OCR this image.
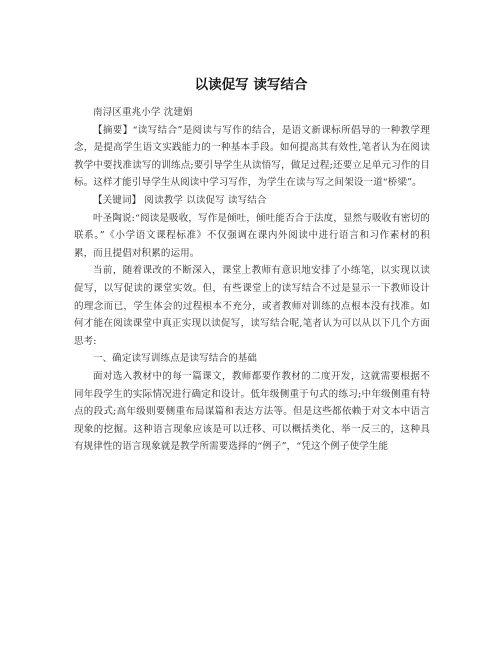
以读促写 读写结合

南浔区重兆小学 沈建娟

【摘要】“读写结合”是阅读与写作的结合，是语文新课标所倡导的一种教学理念，是提高学生语文实践能力的一种基本手段。如何提高其有效性,笔者认为在阅读教学中要找准读写的训练点;要引导学生从读悟写，做足过程;还要立足单元习作的目标。这样才能引导学生从阅读中学习写作，为学生在读与写之间架设一道“桥梁”。

【关键词】 阅读教学 以读促写 读写结合

叶圣陶说:“阅读是吸收，写作是倾吐，倾吐能否合于法度，显然与吸收有密切的联系。”《小学语文课程标准》不仅强调在课内外阅读中进行语言和习作素材的积累，而且提倡对积累的运用。

当前，随着课改的不断深入，课堂上教师有意识地安排了小练笔，以实现以读促写，以写促读的课堂实效。但，有些课堂上的读写结合不过是显示一下教师设计的理念而已，学生体会的过程根本不充分，或者教师对训练的点根本没有找准。如何才能在阅读课堂中真正实现以读促写，读写结合呢,笔者认为可以从以下几个方面思考:

一、确定读写训练点是读写结合的基础

面对选入教材中的每一篇课文，教师都要作教材的二度开发，这就需要根据不同年段学生的实际情况进行确定和设计。低年级侧重于句式的练习;中年级侧重有特点的段式;高年级则要侧重布局谋篇和表达方法等。但是这些都依赖于对文本中语言现象的挖掘。这种语言现象应该是可以迁移、可以概括类化、举一反三的，这种具有规律性的语言现象就是教学所需要选择的“例子”，“凭这个例子使学生能
